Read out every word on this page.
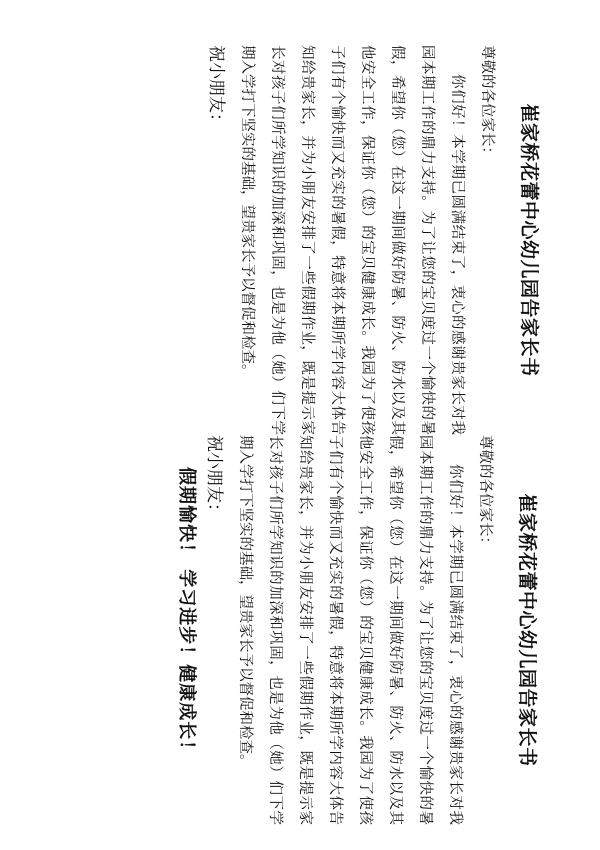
崔家桥花蕾中心幼儿园告家长书

尊敬的各位家长：

你们好！本学期已圆满结束了，衷心的感谢贵家长对我园本期工作的鼎力支持。为了让您的宝贝度过一个愉快的暑假，希望你（您）在这一期间做好防暑、防火、防水以及其他安全工作，保证你（您）的宝贝健康成长。我园为了使孩子们有个愉快而又充实的暑假，特意将本期所学内容大体告知给贵家长，并为小朋友安排了一些假期作业，既是提示家长对孩子们所学知识的加深和巩固，也是为他（她）们下学期入学打下坚实的基础，望贵家长予以督促和检查。

祝小朋友：

崔家桥花蕾中心幼儿园告家长书

尊敬的各位家长：

你们好！本学期已圆满结束了，衷心的感谢贵家长对我园本期工作的鼎力支持。为了让您的宝贝度过一个愉快的暑假，希望你（您）在这一期间做好防暑、防火、防水以及其他安全工作，保证你（您）的宝贝健康成长。我园为了使孩子们有个愉快而又充实的暑假，特意将本期所学内容大体告知给贵家长，并为小朋友安排了一些假期作业，既是提示家长对孩子们所学知识的加深和巩固，也是为他（她）们下学期入学打下坚实的基础，望贵家长予以督促和检查。

祝小朋友：

假期愉快！ 学习进步！健康成长！
